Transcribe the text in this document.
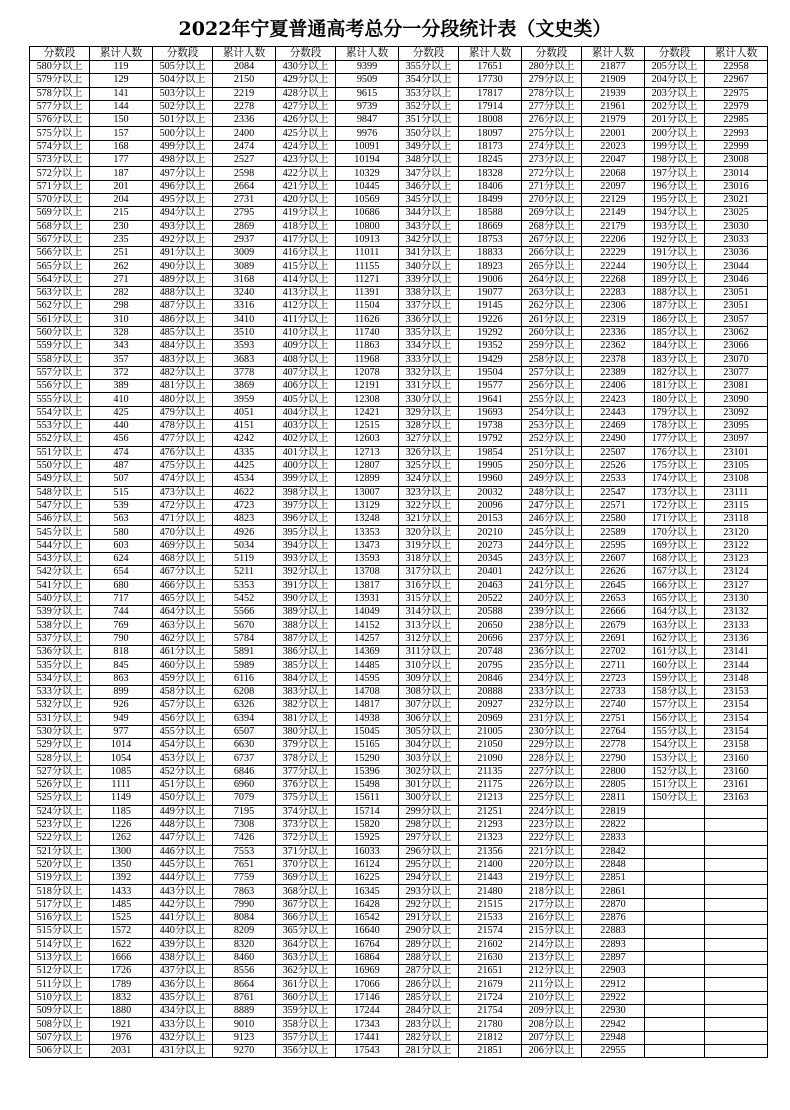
2022年宁夏普通高考总分一分段统计表（文史类）
分数段	累计人数	分数段	累计人数	分数段	累计人数	分数段	累计人数	分数段	累计人数	分数段	累计人数
580分以上	119	505分以上	2084	430分以上	9399	355分以上	17651	280分以上	21877	205分以上	22958
579分以上	129	504分以上	2150	429分以上	9509	354分以上	17730	279分以上	21909	204分以上	22967
578分以上	141	503分以上	2219	428分以上	9615	353分以上	17817	278分以上	21939	203分以上	22975
577分以上	144	502分以上	2278	427分以上	9739	352分以上	17914	277分以上	21961	202分以上	22979
576分以上	150	501分以上	2336	426分以上	9847	351分以上	18008	276分以上	21979	201分以上	22985
575分以上	157	500分以上	2400	425分以上	9976	350分以上	18097	275分以上	22001	200分以上	22993
574分以上	168	499分以上	2474	424分以上	10091	349分以上	18173	274分以上	22023	199分以上	22999
573分以上	177	498分以上	2527	423分以上	10194	348分以上	18245	273分以上	22047	198分以上	23008
572分以上	187	497分以上	2598	422分以上	10329	347分以上	18328	272分以上	22068	197分以上	23014
571分以上	201	496分以上	2664	421分以上	10445	346分以上	18406	271分以上	22097	196分以上	23016
570分以上	204	495分以上	2731	420分以上	10569	345分以上	18499	270分以上	22129	195分以上	23021
569分以上	215	494分以上	2795	419分以上	10686	344分以上	18588	269分以上	22149	194分以上	23025
568分以上	230	493分以上	2869	418分以上	10800	343分以上	18669	268分以上	22179	193分以上	23030
567分以上	235	492分以上	2937	417分以上	10913	342分以上	18753	267分以上	22206	192分以上	23033
566分以上	251	491分以上	3009	416分以上	11011	341分以上	18833	266分以上	22229	191分以上	23036
565分以上	262	490分以上	3089	415分以上	11155	340分以上	18923	265分以上	22244	190分以上	23044
564分以上	271	489分以上	3168	414分以上	11271	339分以上	19006	264分以上	22268	189分以上	23046
563分以上	282	488分以上	3240	413分以上	11391	338分以上	19077	263分以上	22283	188分以上	23051
562分以上	298	487分以上	3316	412分以上	11504	337分以上	19145	262分以上	22306	187分以上	23051
561分以上	310	486分以上	3410	411分以上	11626	336分以上	19226	261分以上	22319	186分以上	23057
560分以上	328	485分以上	3510	410分以上	11740	335分以上	19292	260分以上	22336	185分以上	23062
559分以上	343	484分以上	3593	409分以上	11863	334分以上	19352	259分以上	22362	184分以上	23066
558分以上	357	483分以上	3683	408分以上	11968	333分以上	19429	258分以上	22378	183分以上	23070
557分以上	372	482分以上	3778	407分以上	12078	332分以上	19504	257分以上	22389	182分以上	23077
556分以上	389	481分以上	3869	406分以上	12191	331分以上	19577	256分以上	22406	181分以上	23081
555分以上	410	480分以上	3959	405分以上	12308	330分以上	19641	255分以上	22423	180分以上	23090
554分以上	425	479分以上	4051	404分以上	12421	329分以上	19693	254分以上	22443	179分以上	23092
553分以上	440	478分以上	4151	403分以上	12515	328分以上	19738	253分以上	22469	178分以上	23095
552分以上	456	477分以上	4242	402分以上	12603	327分以上	19792	252分以上	22490	177分以上	23097
551分以上	474	476分以上	4335	401分以上	12713	326分以上	19854	251分以上	22507	176分以上	23101
550分以上	487	475分以上	4425	400分以上	12807	325分以上	19905	250分以上	22526	175分以上	23105
549分以上	507	474分以上	4534	399分以上	12899	324分以上	19960	249分以上	22533	174分以上	23108
548分以上	515	473分以上	4622	398分以上	13007	323分以上	20032	248分以上	22547	173分以上	23111
547分以上	539	472分以上	4723	397分以上	13129	322分以上	20096	247分以上	22571	172分以上	23115
546分以上	563	471分以上	4823	396分以上	13248	321分以上	20153	246分以上	22580	171分以上	23118
545分以上	580	470分以上	4926	395分以上	13353	320分以上	20210	245分以上	22589	170分以上	23120
544分以上	603	469分以上	5034	394分以上	13473	319分以上	20273	244分以上	22595	169分以上	23122
543分以上	624	468分以上	5119	393分以上	13593	318分以上	20345	243分以上	22607	168分以上	23123
542分以上	654	467分以上	5211	392分以上	13708	317分以上	20401	242分以上	22626	167分以上	23124
541分以上	680	466分以上	5353	391分以上	13817	316分以上	20463	241分以上	22645	166分以上	23127
540分以上	717	465分以上	5452	390分以上	13931	315分以上	20522	240分以上	22653	165分以上	23130
539分以上	744	464分以上	5566	389分以上	14049	314分以上	20588	239分以上	22666	164分以上	23132
538分以上	769	463分以上	5670	388分以上	14152	313分以上	20650	238分以上	22679	163分以上	23133
537分以上	790	462分以上	5784	387分以上	14257	312分以上	20696	237分以上	22691	162分以上	23136
536分以上	818	461分以上	5891	386分以上	14369	311分以上	20748	236分以上	22702	161分以上	23141
535分以上	845	460分以上	5989	385分以上	14485	310分以上	20795	235分以上	22711	160分以上	23144
534分以上	863	459分以上	6116	384分以上	14595	309分以上	20846	234分以上	22723	159分以上	23148
533分以上	899	458分以上	6208	383分以上	14708	308分以上	20888	233分以上	22733	158分以上	23153
532分以上	926	457分以上	6326	382分以上	14817	307分以上	20927	232分以上	22740	157分以上	23154
531分以上	949	456分以上	6394	381分以上	14938	306分以上	20969	231分以上	22751	156分以上	23154
530分以上	977	455分以上	6507	380分以上	15045	305分以上	21005	230分以上	22764	155分以上	23154
529分以上	1014	454分以上	6630	379分以上	15165	304分以上	21050	229分以上	22778	154分以上	23158
528分以上	1054	453分以上	6737	378分以上	15290	303分以上	21090	228分以上	22790	153分以上	23160
527分以上	1085	452分以上	6846	377分以上	15396	302分以上	21135	227分以上	22800	152分以上	23160
526分以上	1111	451分以上	6960	376分以上	15498	301分以上	21175	226分以上	22805	151分以上	23161
525分以上	1149	450分以上	7079	375分以上	15611	300分以上	21213	225分以上	22811	150分以上	23163
524分以上	1185	449分以上	7195	374分以上	15714	299分以上	21251	224分以上	22819		
523分以上	1226	448分以上	7308	373分以上	15820	298分以上	21293	223分以上	22822		
522分以上	1262	447分以上	7426	372分以上	15925	297分以上	21323	222分以上	22833		
521分以上	1300	446分以上	7553	371分以上	16033	296分以上	21356	221分以上	22842		
520分以上	1350	445分以上	7651	370分以上	16124	295分以上	21400	220分以上	22848		
519分以上	1392	444分以上	7759	369分以上	16225	294分以上	21443	219分以上	22851		
518分以上	1433	443分以上	7863	368分以上	16345	293分以上	21480	218分以上	22861		
517分以上	1485	442分以上	7990	367分以上	16428	292分以上	21515	217分以上	22870		
516分以上	1525	441分以上	8084	366分以上	16542	291分以上	21533	216分以上	22876		
515分以上	1572	440分以上	8209	365分以上	16640	290分以上	21574	215分以上	22883		
514分以上	1622	439分以上	8320	364分以上	16764	289分以上	21602	214分以上	22893		
513分以上	1666	438分以上	8460	363分以上	16864	288分以上	21630	213分以上	22897		
512分以上	1726	437分以上	8556	362分以上	16969	287分以上	21651	212分以上	22903		
511分以上	1789	436分以上	8664	361分以上	17066	286分以上	21679	211分以上	22912		
510分以上	1832	435分以上	8761	360分以上	17146	285分以上	21724	210分以上	22922		
509分以上	1880	434分以上	8889	359分以上	17244	284分以上	21754	209分以上	22930		
508分以上	1921	433分以上	9010	358分以上	17343	283分以上	21780	208分以上	22942		
507分以上	1976	432分以上	9123	357分以上	17441	282分以上	21812	207分以上	22948		
506分以上	2031	431分以上	9270	356分以上	17543	281分以上	21851	206分以上	22955		
